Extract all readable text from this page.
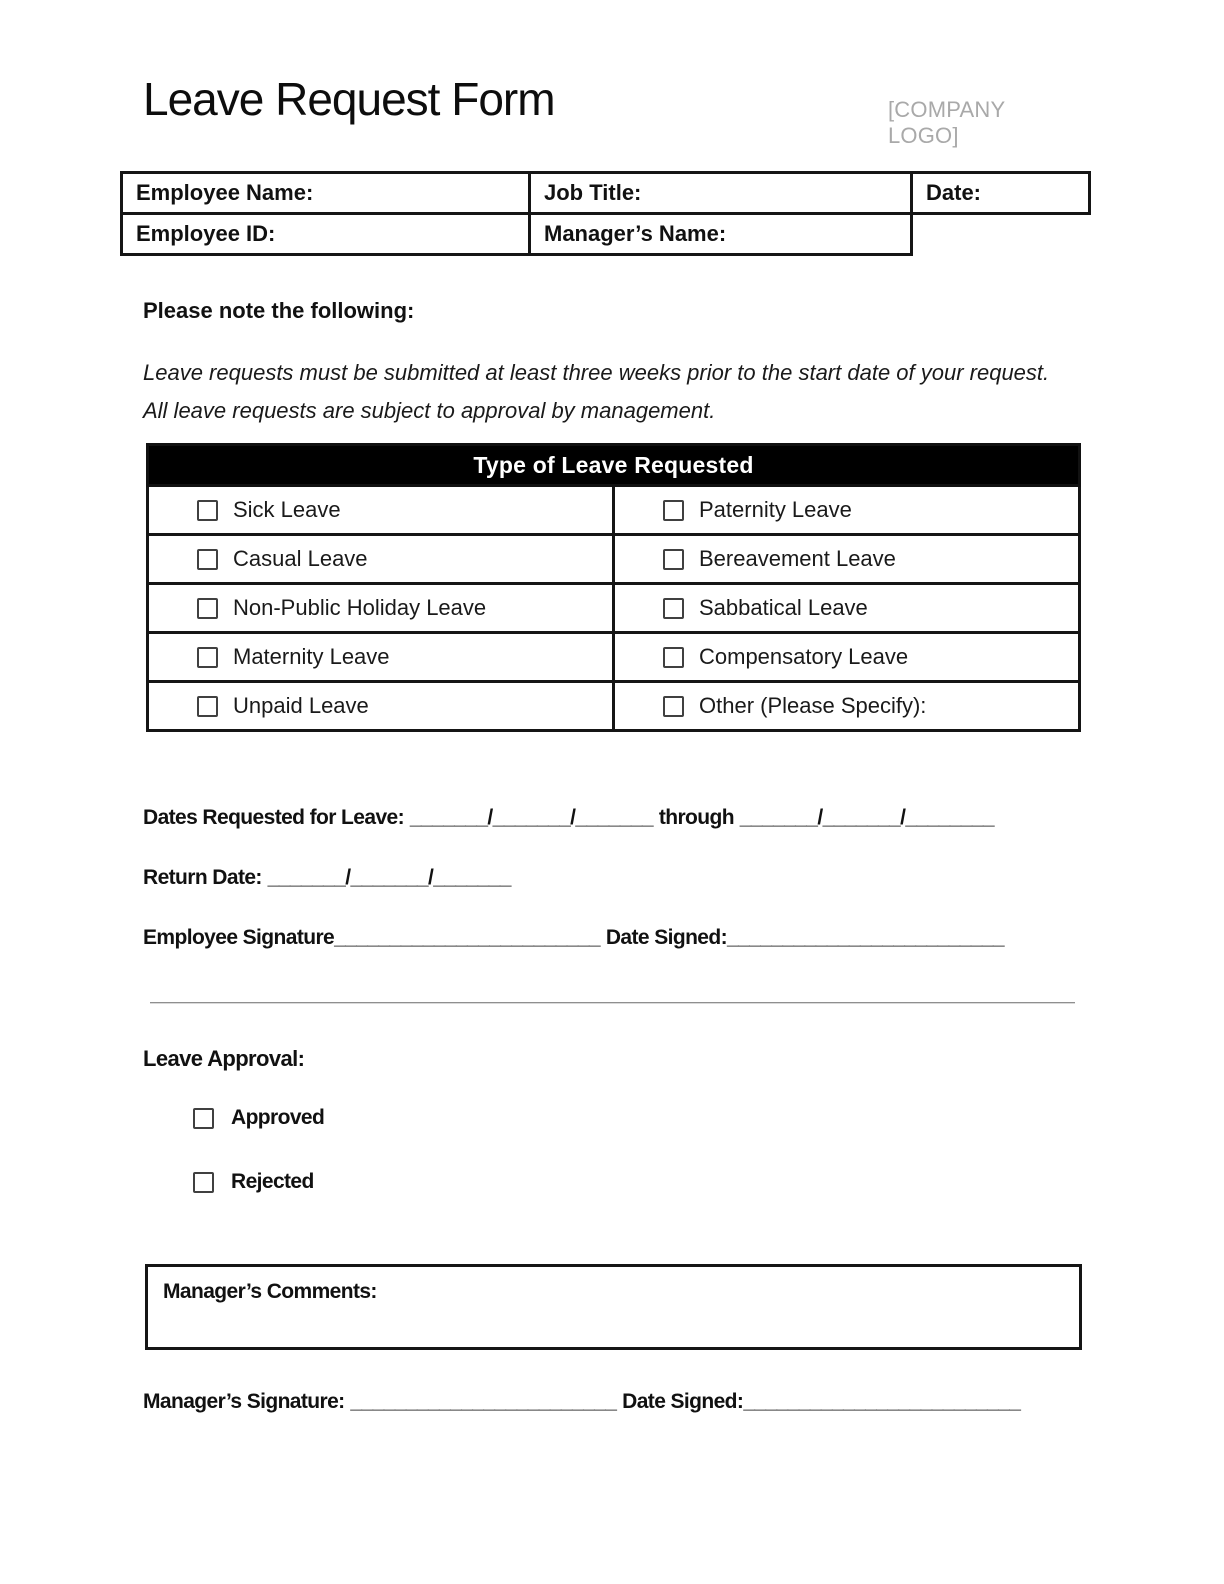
Leave Request Form	[COMPANY LOGO]
Employee Name:	Job Title:	Date:
Employee ID:	Manager’s Name:	
Please note the following:
Leave requests must be submitted at least three weeks prior to the start date of your request.
All leave requests are subject to approval by management.
Type of Leave Requested	

Sick Leave	Paternity Leave

Casual Leave	Bereavement Leave

Non-Public Holiday Leave	Sabbatical Leave

Maternity Leave	Compensatory Leave

Unpaid Leave	Other (Please Specify):
Dates Requested for Leave: _______/_______/_______ through _______/_______/________
Return Date: _______/_______/_______
Employee Signature________________________ Date Signed:_________________________
Leave Approval:
Approved
Rejected
Manager’s Comments:
Manager’s Signature: ________________________ Date Signed:_________________________
